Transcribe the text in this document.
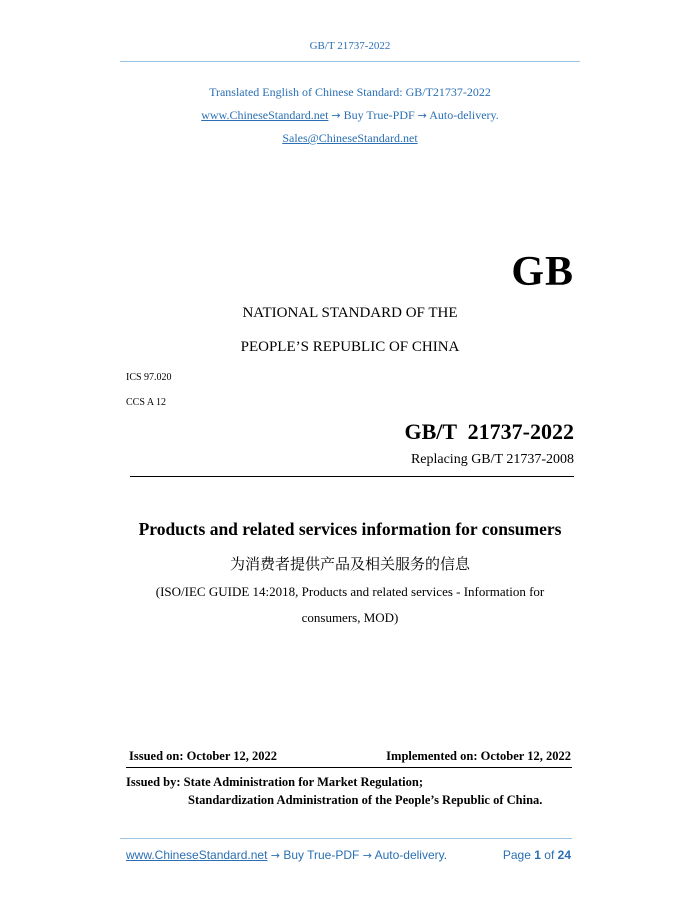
GB/T 21737-2022
Translated English of Chinese Standard: GB/T21737-2022
www.ChineseStandard.net → Buy True-PDF → Auto-delivery.
Sales@ChineseStandard.net
GB
NATIONAL STANDARD OF THE
PEOPLE’S REPUBLIC OF CHINA
ICS 97.020
CCS A 12
GB/T  21737-2022
Replacing GB/T 21737-2008
Products and related services information for consumers
为消费者提供产品及相关服务的信息
(ISO/IEC GUIDE 14:2018, Products and related services - Information for
consumers, MOD)
Issued on: October 12, 2022	Implemented on: October 12, 2022
Issued by: State Administration for Market Regulation;
Standardization Administration of the People’s Republic of China.
www.ChineseStandard.net → Buy True-PDF → Auto-delivery.	Page 1 of 24
